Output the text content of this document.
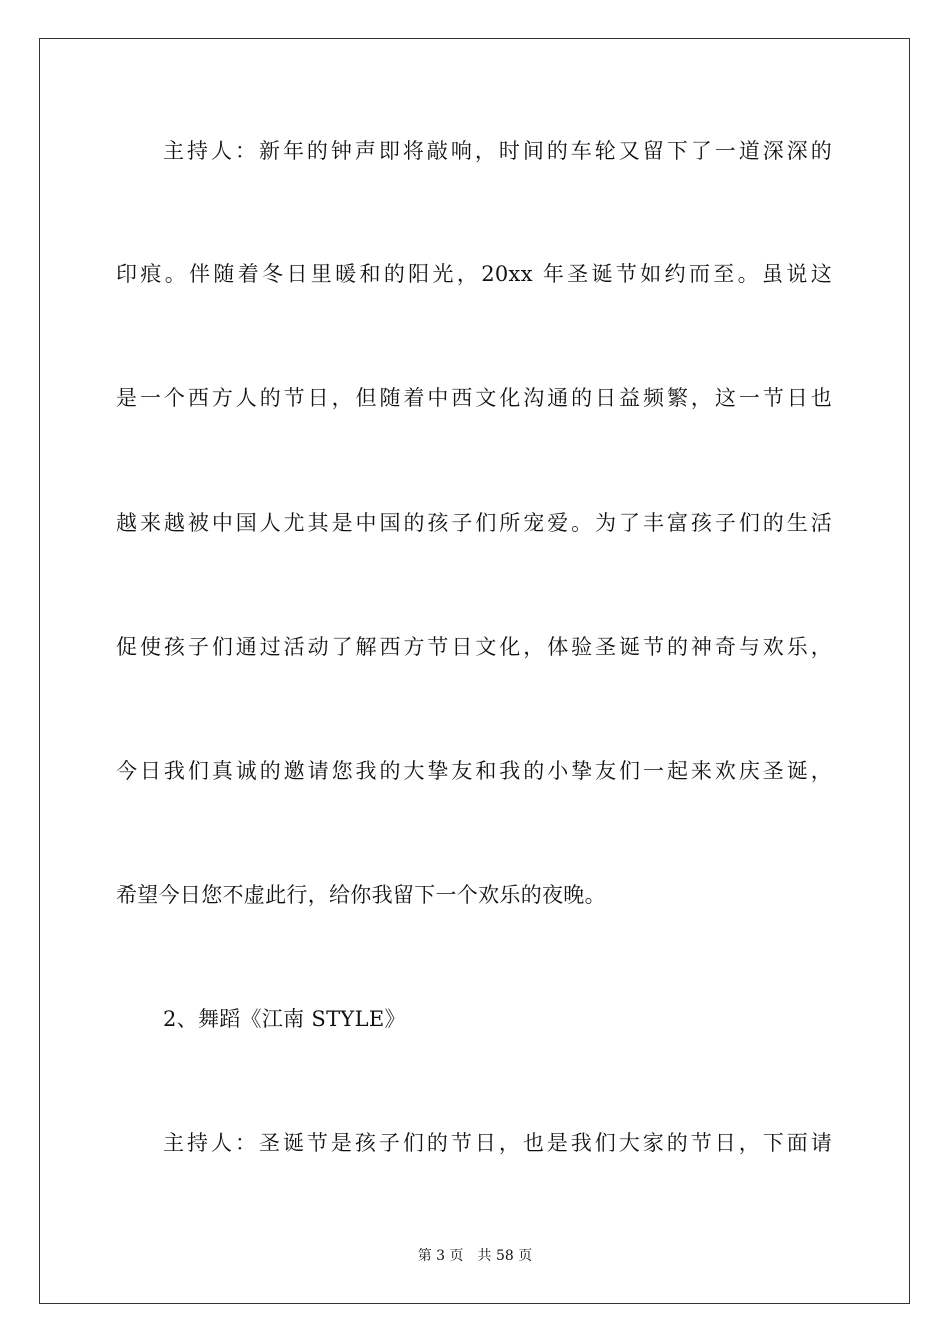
主持人：新年的钟声即将敲响，时间的车轮又留下了一道深深的
印痕。伴随着冬日里暖和的阳光，20xx 年圣诞节如约而至。虽说这
是一个西方人的节日，但随着中西文化沟通的日益频繁，这一节日也
越来越被中国人尤其是中国的孩子们所宠爱。为了丰富孩子们的生活
促使孩子们通过活动了解西方节日文化，体验圣诞节的神奇与欢乐，
今日我们真诚的邀请您我的大挚友和我的小挚友们一起来欢庆圣诞，
希望今日您不虚此行，给你我留下一个欢乐的夜晚。
2、舞蹈《江南 STYLE》
主持人：圣诞节是孩子们的节日，也是我们大家的节日，下面请
第 3 页　共 58 页
